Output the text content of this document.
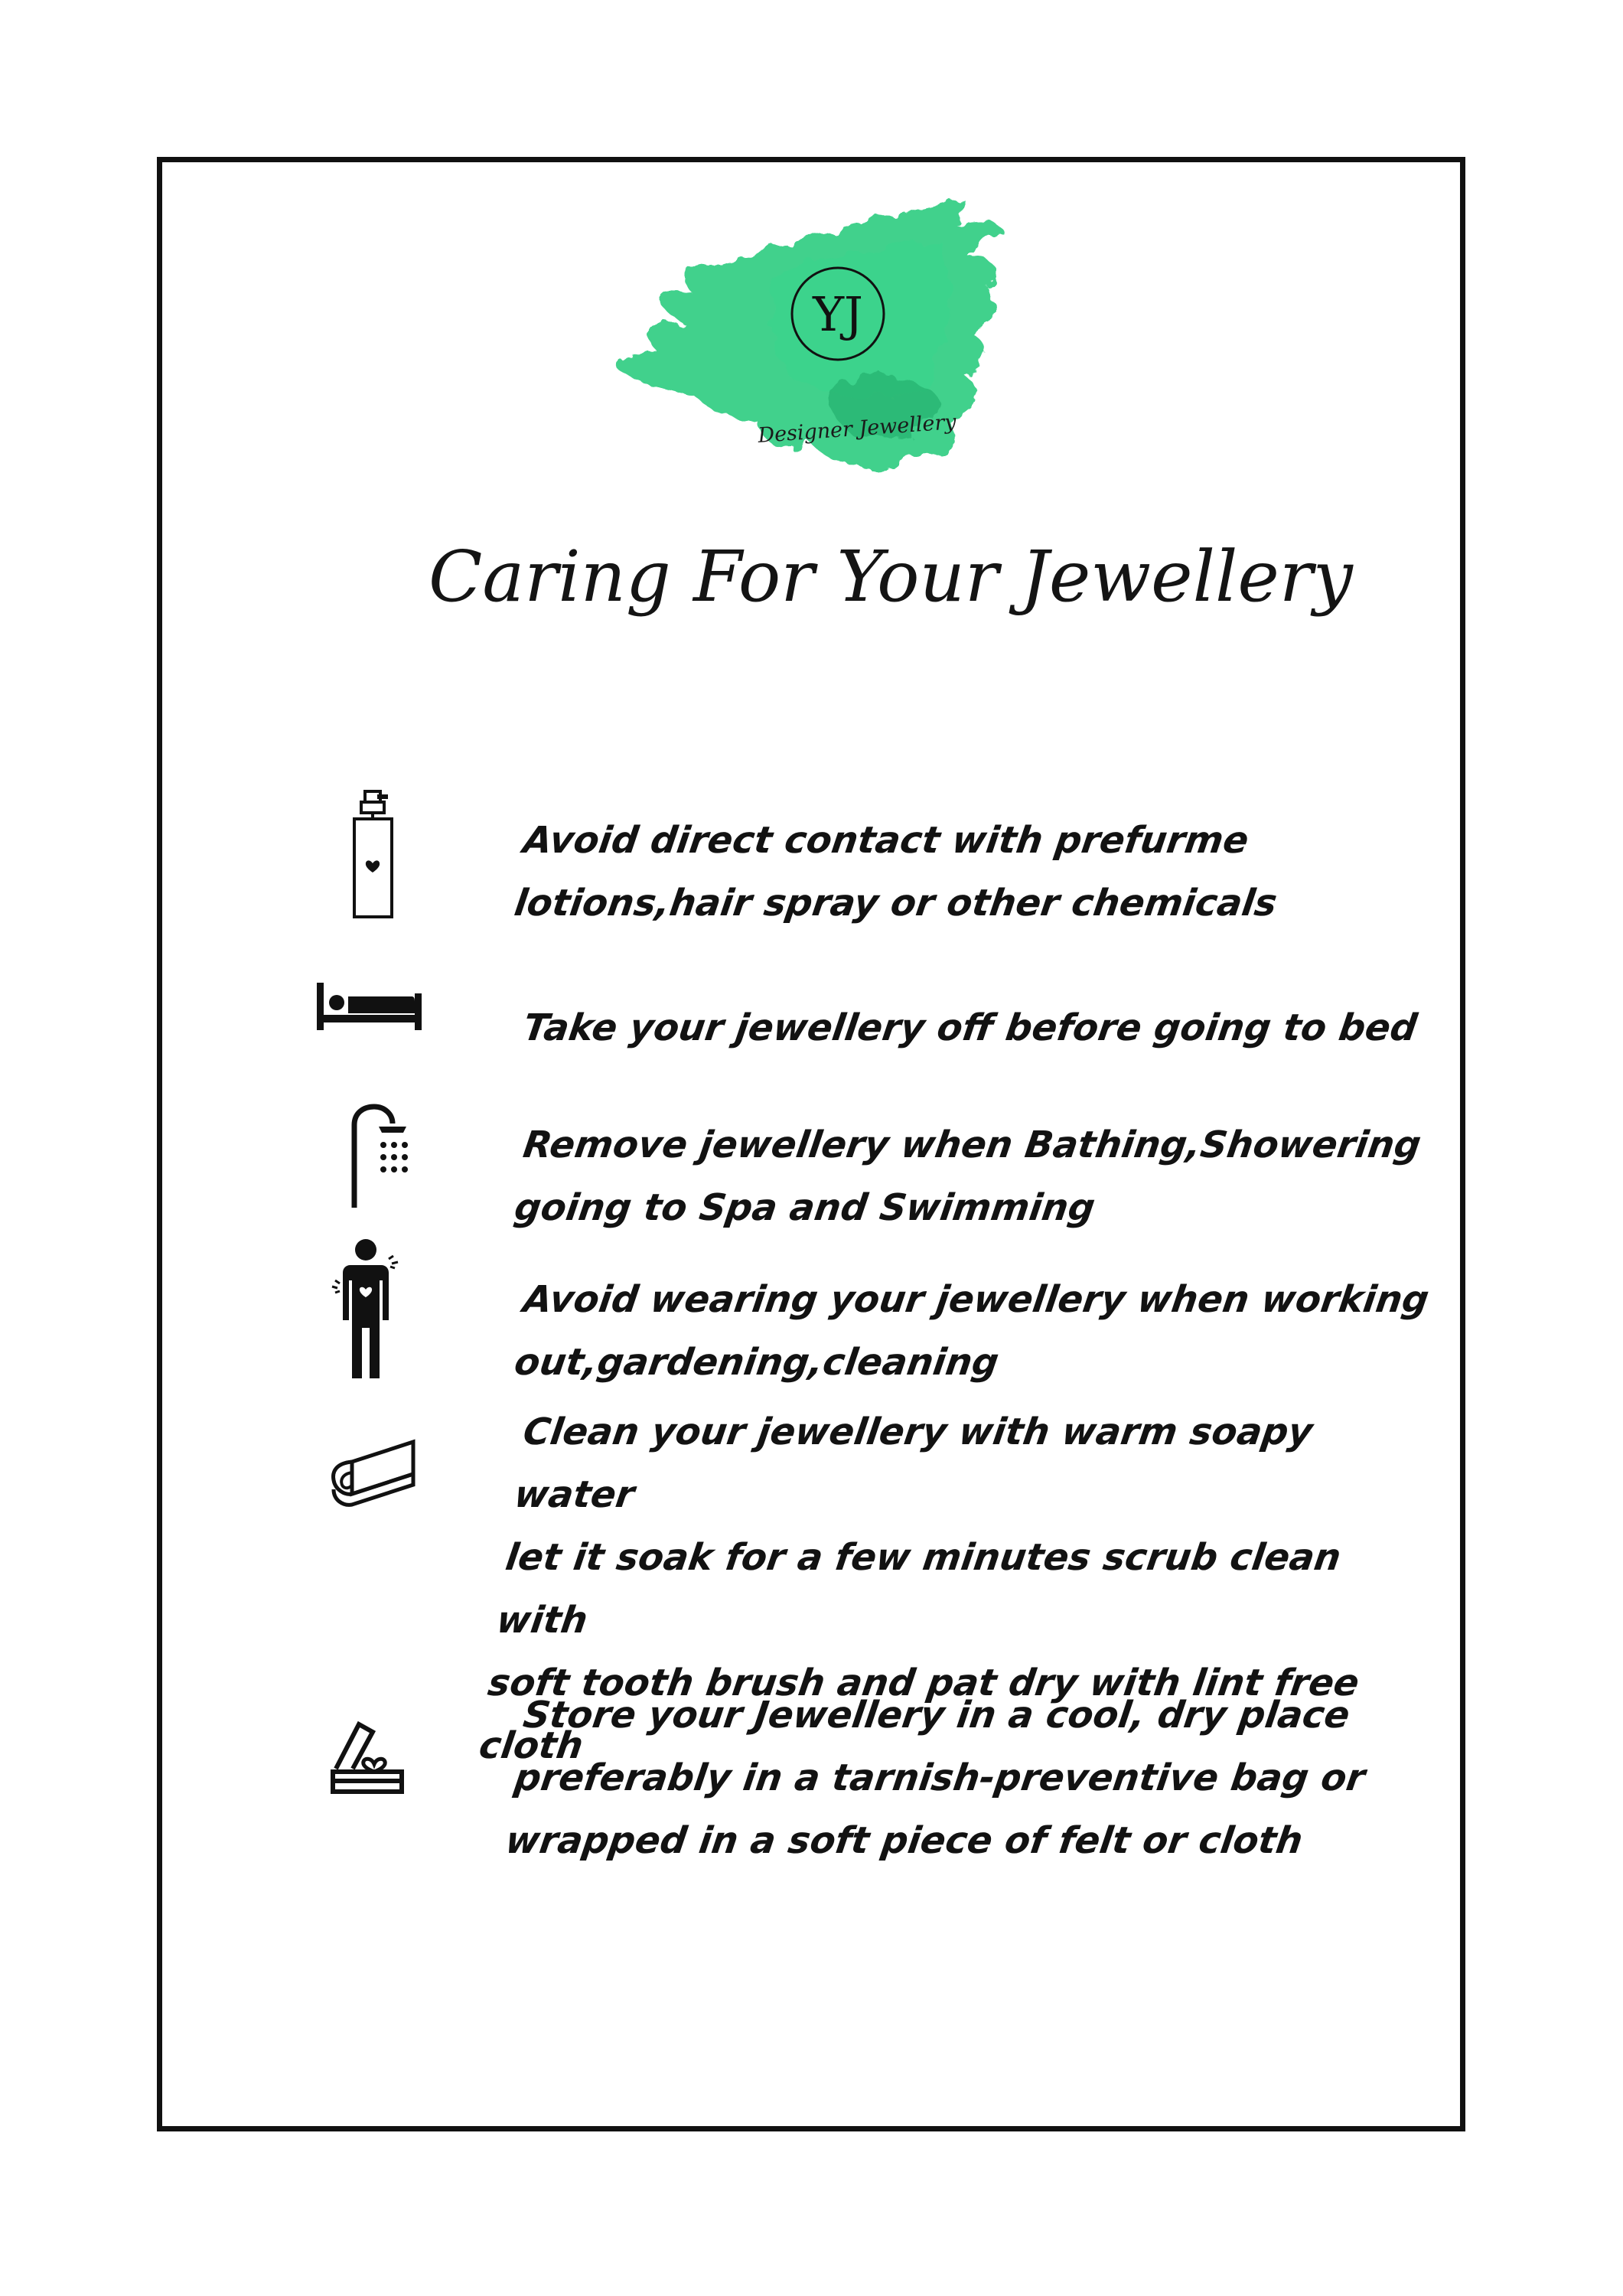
YJ
Designer Jewellery
Caring For Your Jewellery
Avoid direct contact with prefurme
lotions,hair spray or other chemicals
Take your jewellery off before going to bed
Remove jewellery when Bathing,Showering
going to Spa and Swimming
Avoid wearing your jewellery when working
out,gardening,cleaning
Clean your jewellery with warm soapy water
let it soak for a few minutes scrub clean with
soft tooth brush and pat dry with lint free
cloth
Store your Jewellery in a cool, dry place
preferably in a tarnish-preventive bag or
wrapped in a soft piece of felt or cloth
